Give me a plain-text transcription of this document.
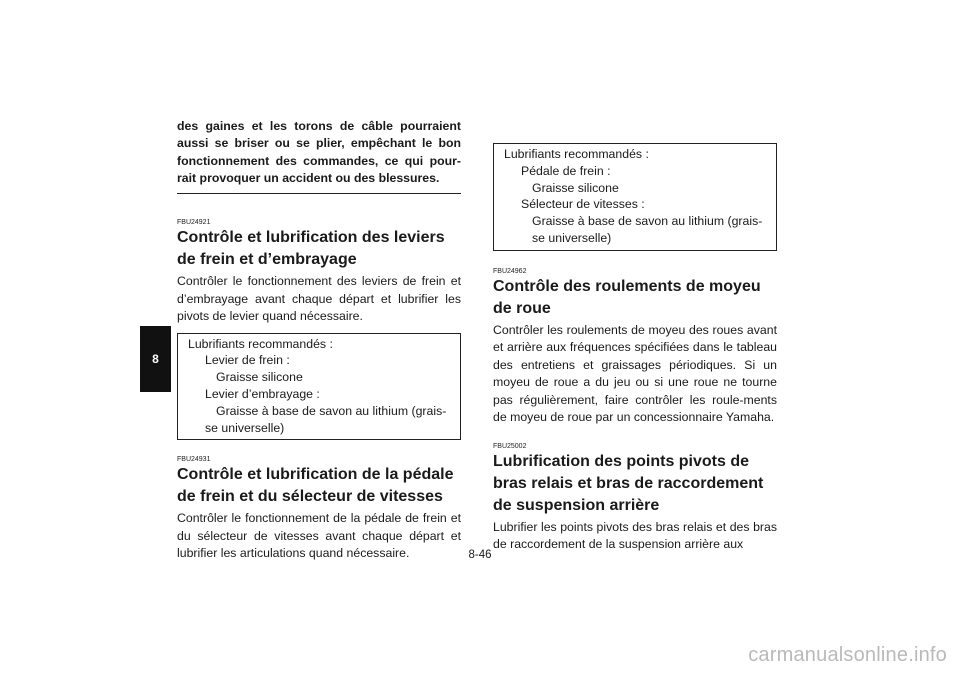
8

des gaines et les torons de câble pourraient aussi se briser ou se plier, empêchant le bon fonctionnement des commandes, ce qui pour-rait provoquer un accident ou des blessures.

FBU24921

Contrôle et lubrification des leviers de frein et d’embrayage

Contrôler le fonctionnement des leviers de frein et d’embrayage avant chaque départ et lubrifier les pivots de levier quand nécessaire.

Lubrifiants recommandés :
Levier de frein :
Graisse silicone
Levier d’embrayage :
Graisse à base de savon au lithium (grais-
se universelle)

FBU24931

Contrôle et lubrification de la pédale de frein et du sélecteur de vitesses

Contrôler le fonctionnement de la pédale de frein et du sélecteur de vitesses avant chaque départ et lubrifier les articulations quand nécessaire.

Lubrifiants recommandés :
Pédale de frein :
Graisse silicone
Sélecteur de vitesses :
Graisse à base de savon au lithium (grais-
se universelle)

FBU24962

Contrôle des roulements de moyeu de roue

Contrôler les roulements de moyeu des roues avant et arrière aux fréquences spécifiées dans le tableau des entretiens et graissages périodiques. Si un moyeu de roue a du jeu ou si une roue ne tourne pas régulièrement, faire contrôler les roule-ments de moyeu de roue par un concessionnaire Yamaha.

FBU25002

Lubrification des points pivots de bras relais et bras de raccordement de suspension arrière

Lubrifier les points pivots des bras relais et des bras de raccordement de la suspension arrière aux

8-46
carmanualsonline.info
